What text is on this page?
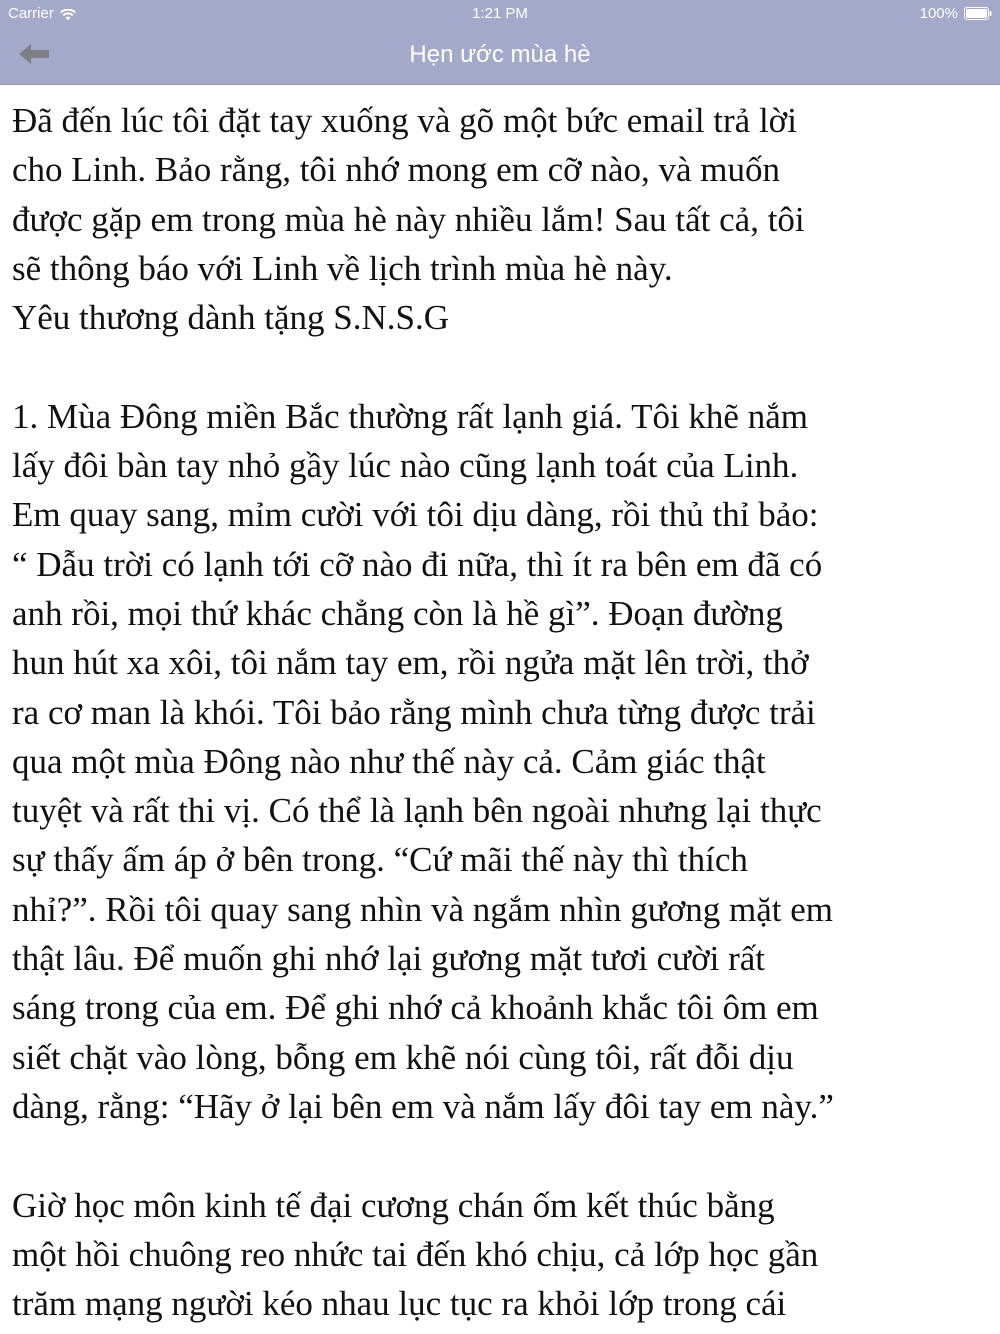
Carrier	1:21 PM	100%
Hẹn ước mùa hè

Đã đến lúc tôi đặt tay xuống và gõ một bức email trả lời
cho Linh. Bảo rằng, tôi nhớ mong em cỡ nào, và muốn
được gặp em trong mùa hè này nhiều lắm! Sau tất cả, tôi
sẽ thông báo với Linh về lịch trình mùa hè này.
Yêu thương dành tặng S.N.S.G

1. Mùa Đông miền Bắc thường rất lạnh giá. Tôi khẽ nắm
lấy đôi bàn tay nhỏ gầy lúc nào cũng lạnh toát của Linh.
Em quay sang, mỉm cười với tôi dịu dàng, rồi thủ thỉ bảo:
“ Dẫu trời có lạnh tới cỡ nào đi nữa, thì ít ra bên em đã có
anh rồi, mọi thứ khác chẳng còn là hề gì”. Đoạn đường
hun hút xa xôi, tôi nắm tay em, rồi ngửa mặt lên trời, thở
ra cơ man là khói. Tôi bảo rằng mình chưa từng được trải
qua một mùa Đông nào như thế này cả. Cảm giác thật
tuyệt và rất thi vị. Có thể là lạnh bên ngoài nhưng lại thực
sự thấy ấm áp ở bên trong. “Cứ mãi thế này thì thích
nhỉ?”. Rồi tôi quay sang nhìn và ngắm nhìn gương mặt em
thật lâu. Để muốn ghi nhớ lại gương mặt tươi cười rất
sáng trong của em. Để ghi nhớ cả khoảnh khắc tôi ôm em
siết chặt vào lòng, bỗng em khẽ nói cùng tôi, rất đỗi dịu
dàng, rằng: “Hãy ở lại bên em và nắm lấy đôi tay em này.”

Giờ học môn kinh tế đại cương chán ốm kết thúc bằng
một hồi chuông reo nhức tai đến khó chịu, cả lớp học gần
trăm mạng người kéo nhau lục tục ra khỏi lớp trong cái
